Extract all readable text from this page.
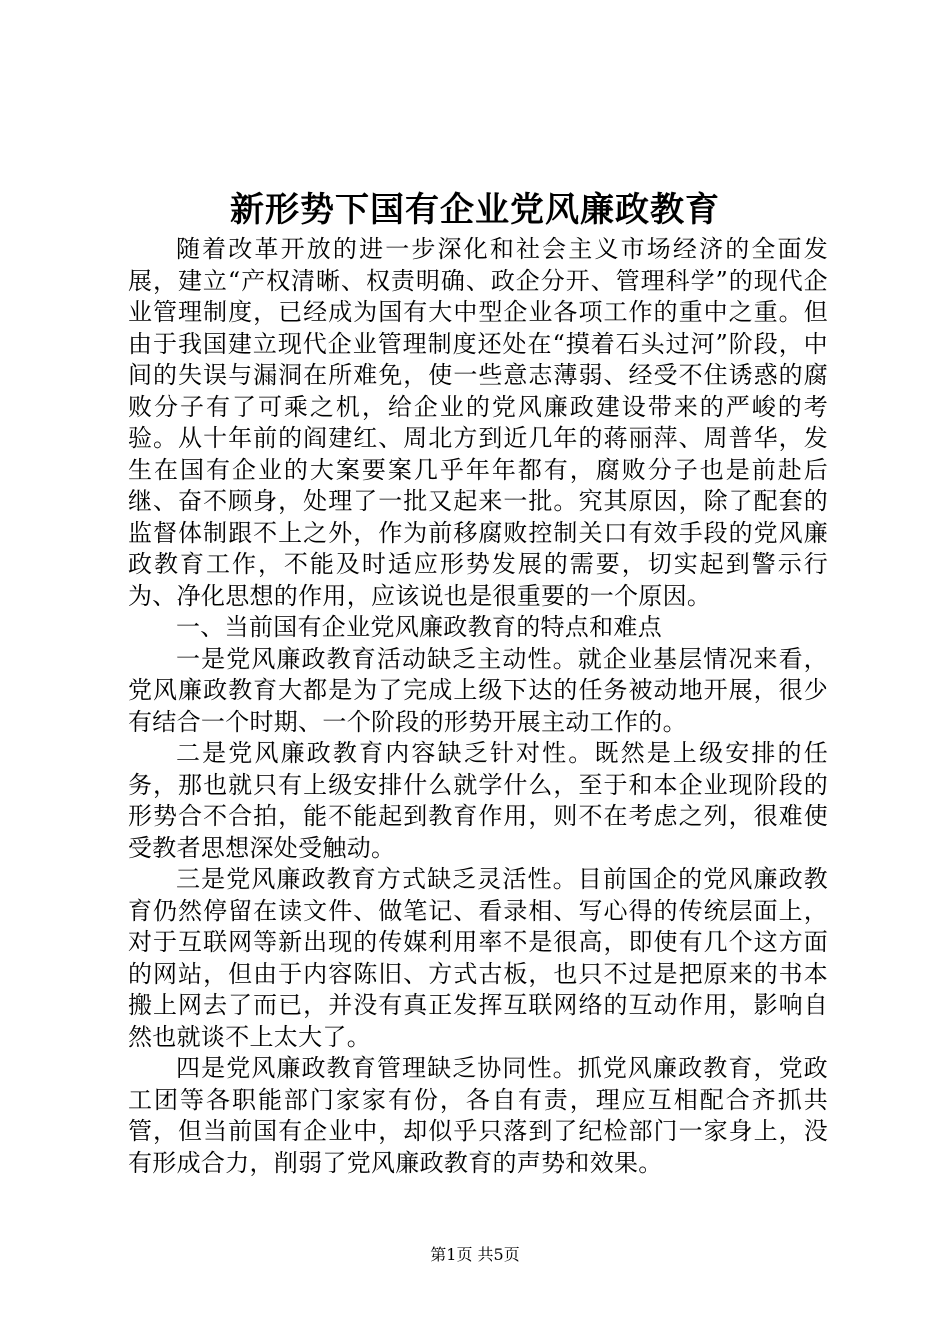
新形势下国有企业党风廉政教育

随着改革开放的进一步深化和社会主义市场经济的全面发展，建立“产权清晰、权责明确、政企分开、管理科学”的现代企业管理制度，已经成为国有大中型企业各项工作的重中之重。但由于我国建立现代企业管理制度还处在“摸着石头过河”阶段，中间的失误与漏洞在所难免，使一些意志薄弱、经受不住诱惑的腐败分子有了可乘之机，给企业的党风廉政建设带来的严峻的考验。从十年前的阎建红、周北方到近几年的蒋丽萍、周普华，发生在国有企业的大案要案几乎年年都有，腐败分子也是前赴后继、奋不顾身，处理了一批又起来一批。究其原因，除了配套的监督体制跟不上之外，作为前移腐败控制关口有效手段的党风廉政教育工作，不能及时适应形势发展的需要，切实起到警示行为、净化思想的作用，应该说也是很重要的一个原因。

一、当前国有企业党风廉政教育的特点和难点

一是党风廉政教育活动缺乏主动性。就企业基层情况来看，党风廉政教育大都是为了完成上级下达的任务被动地开展，很少有结合一个时期、一个阶段的形势开展主动工作的。

二是党风廉政教育内容缺乏针对性。既然是上级安排的任务，那也就只有上级安排什么就学什么，至于和本企业现阶段的形势合不合拍，能不能起到教育作用，则不在考虑之列，很难使受教者思想深处受触动。

三是党风廉政教育方式缺乏灵活性。目前国企的党风廉政教育仍然停留在读文件、做笔记、看录相、写心得的传统层面上，对于互联网等新出现的传媒利用率不是很高，即使有几个这方面的网站，但由于内容陈旧、方式古板，也只不过是把原来的书本搬上网去了而已，并没有真正发挥互联网络的互动作用，影响自然也就谈不上太大了。

四是党风廉政教育管理缺乏协同性。抓党风廉政教育，党政工团等各职能部门家家有份，各自有责，理应互相配合齐抓共管，但当前国有企业中，却似乎只落到了纪检部门一家身上，没有形成合力，削弱了党风廉政教育的声势和效果。

第1页 共5页
